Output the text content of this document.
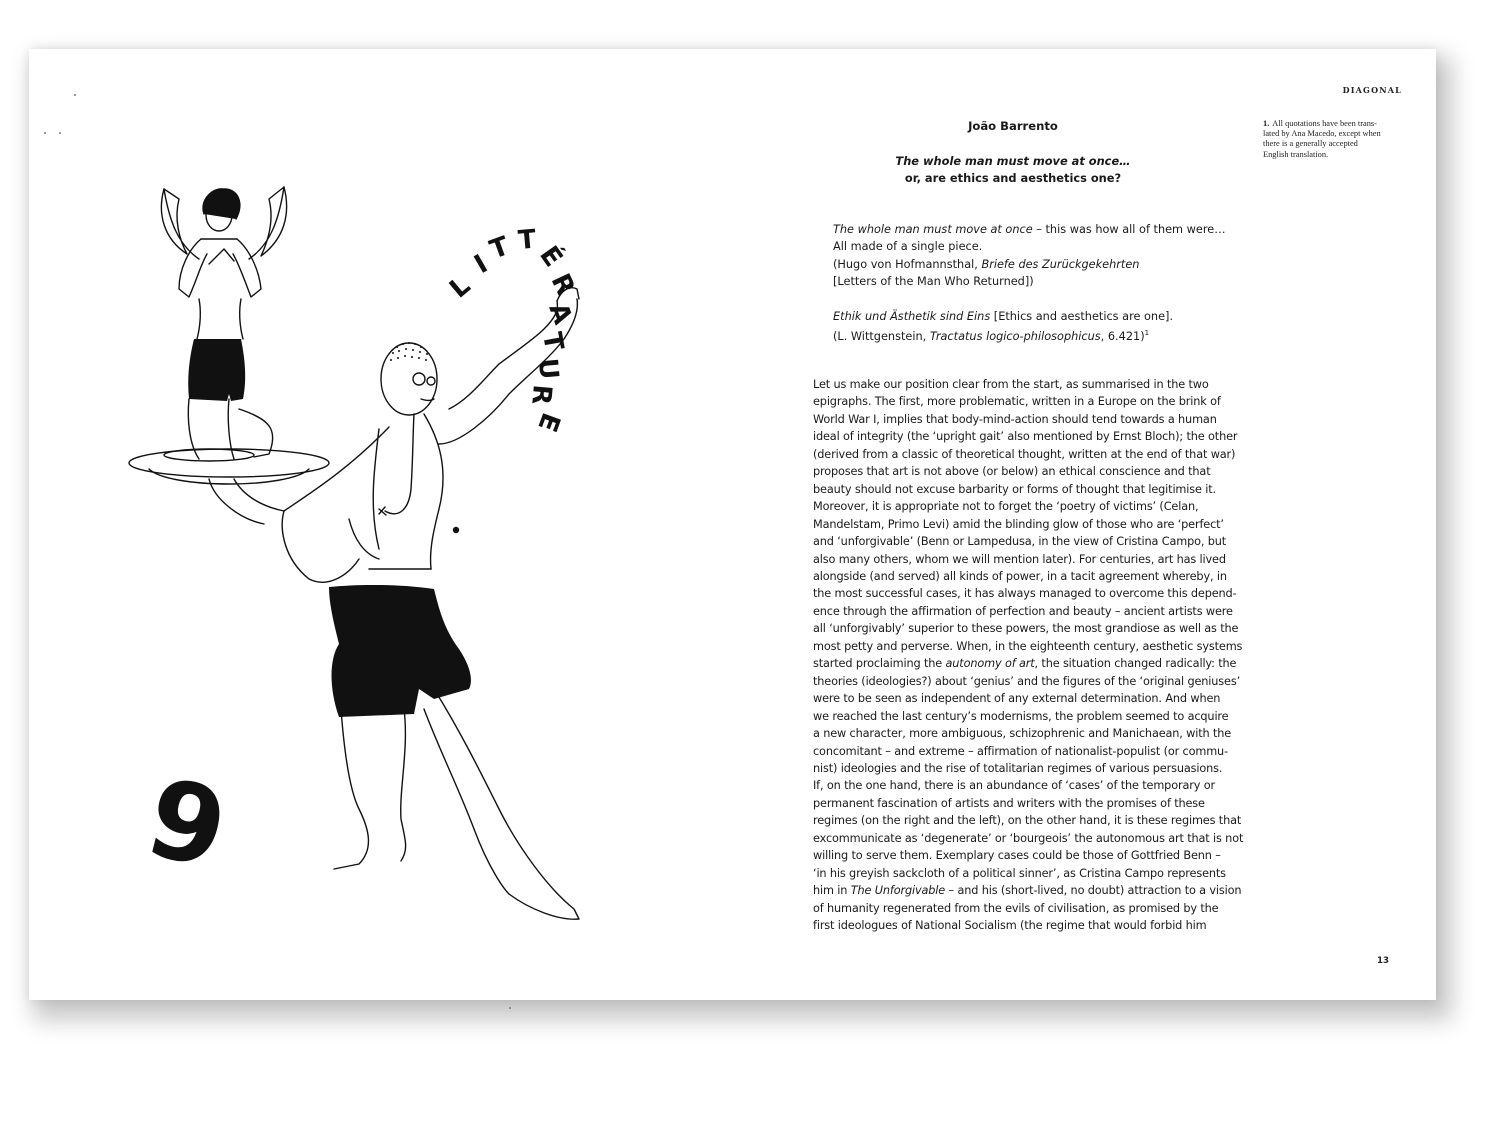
L
I
T T
É
R
A
T
U
R
E
9
DIAGONAL
1. All quotations have been trans-
lated by Ana Macedo, except when
there is a generally accepted
English translation.
João Barrento
The whole man must move at once…
or, are ethics and aesthetics one?

The whole man must move at once – this was how all of them were…

All made of a single piece.

(Hugo von Hofmannsthal, Briefe des Zurückgekehrten

[Letters of the Man Who Returned])

Ethik und Ästhetik sind Eins [Ethics and aesthetics are one].

(L. Wittgenstein, Tractatus logico-philosophicus, 6.421)$^1$

Let us make our position clear from the start, as summarised in the two
epigraphs. The first, more problematic, written in a Europe on the brink of
World War I, implies that body-mind-action should tend towards a human
ideal of integrity (the ‘upright gait’ also mentioned by Ernst Bloch); the other
(derived from a classic of theoretical thought, written at the end of that war)
proposes that art is not above (or below) an ethical conscience and that
beauty should not excuse barbarity or forms of thought that legitimise it.
Moreover, it is appropriate not to forget the ‘poetry of victims’ (Celan,
Mandelstam, Primo Levi) amid the blinding glow of those who are ‘perfect’
and ‘unforgivable’ (Benn or Lampedusa, in the view of Cristina Campo, but
also many others, whom we will mention later). For centuries, art has lived
alongside (and served) all kinds of power, in a tacit agreement whereby, in
the most successful cases, it has always managed to overcome this depend-
ence through the affirmation of perfection and beauty – ancient artists were
all ‘unforgivably’ superior to these powers, the most grandiose as well as the
most petty and perverse. When, in the eighteenth century, aesthetic systems
started proclaiming the autonomy of art, the situation changed radically: the
theories (ideologies?) about ‘genius’ and the figures of the ‘original geniuses’
were to be seen as independent of any external determination. And when
we reached the last century’s modernisms, the problem seemed to acquire
a new character, more ambiguous, schizophrenic and Manichaean, with the
concomitant – and extreme – affirmation of nationalist-populist (or commu-
nist) ideologies and the rise of totalitarian regimes of various persuasions.
If, on the one hand, there is an abundance of ‘cases’ of the temporary or
permanent fascination of artists and writers with the promises of these
regimes (on the right and the left), on the other hand, it is these regimes that
excommunicate as ‘degenerate’ or ‘bourgeois’ the autonomous art that is not
willing to serve them. Exemplary cases could be those of Gottfried Benn –
‘in his greyish sackcloth of a political sinner’, as Cristina Campo represents
him in The Unforgivable – and his (short-lived, no doubt) attraction to a vision
of humanity regenerated from the evils of civilisation, as promised by the
first ideologues of National Socialism (the regime that would forbid him
13
